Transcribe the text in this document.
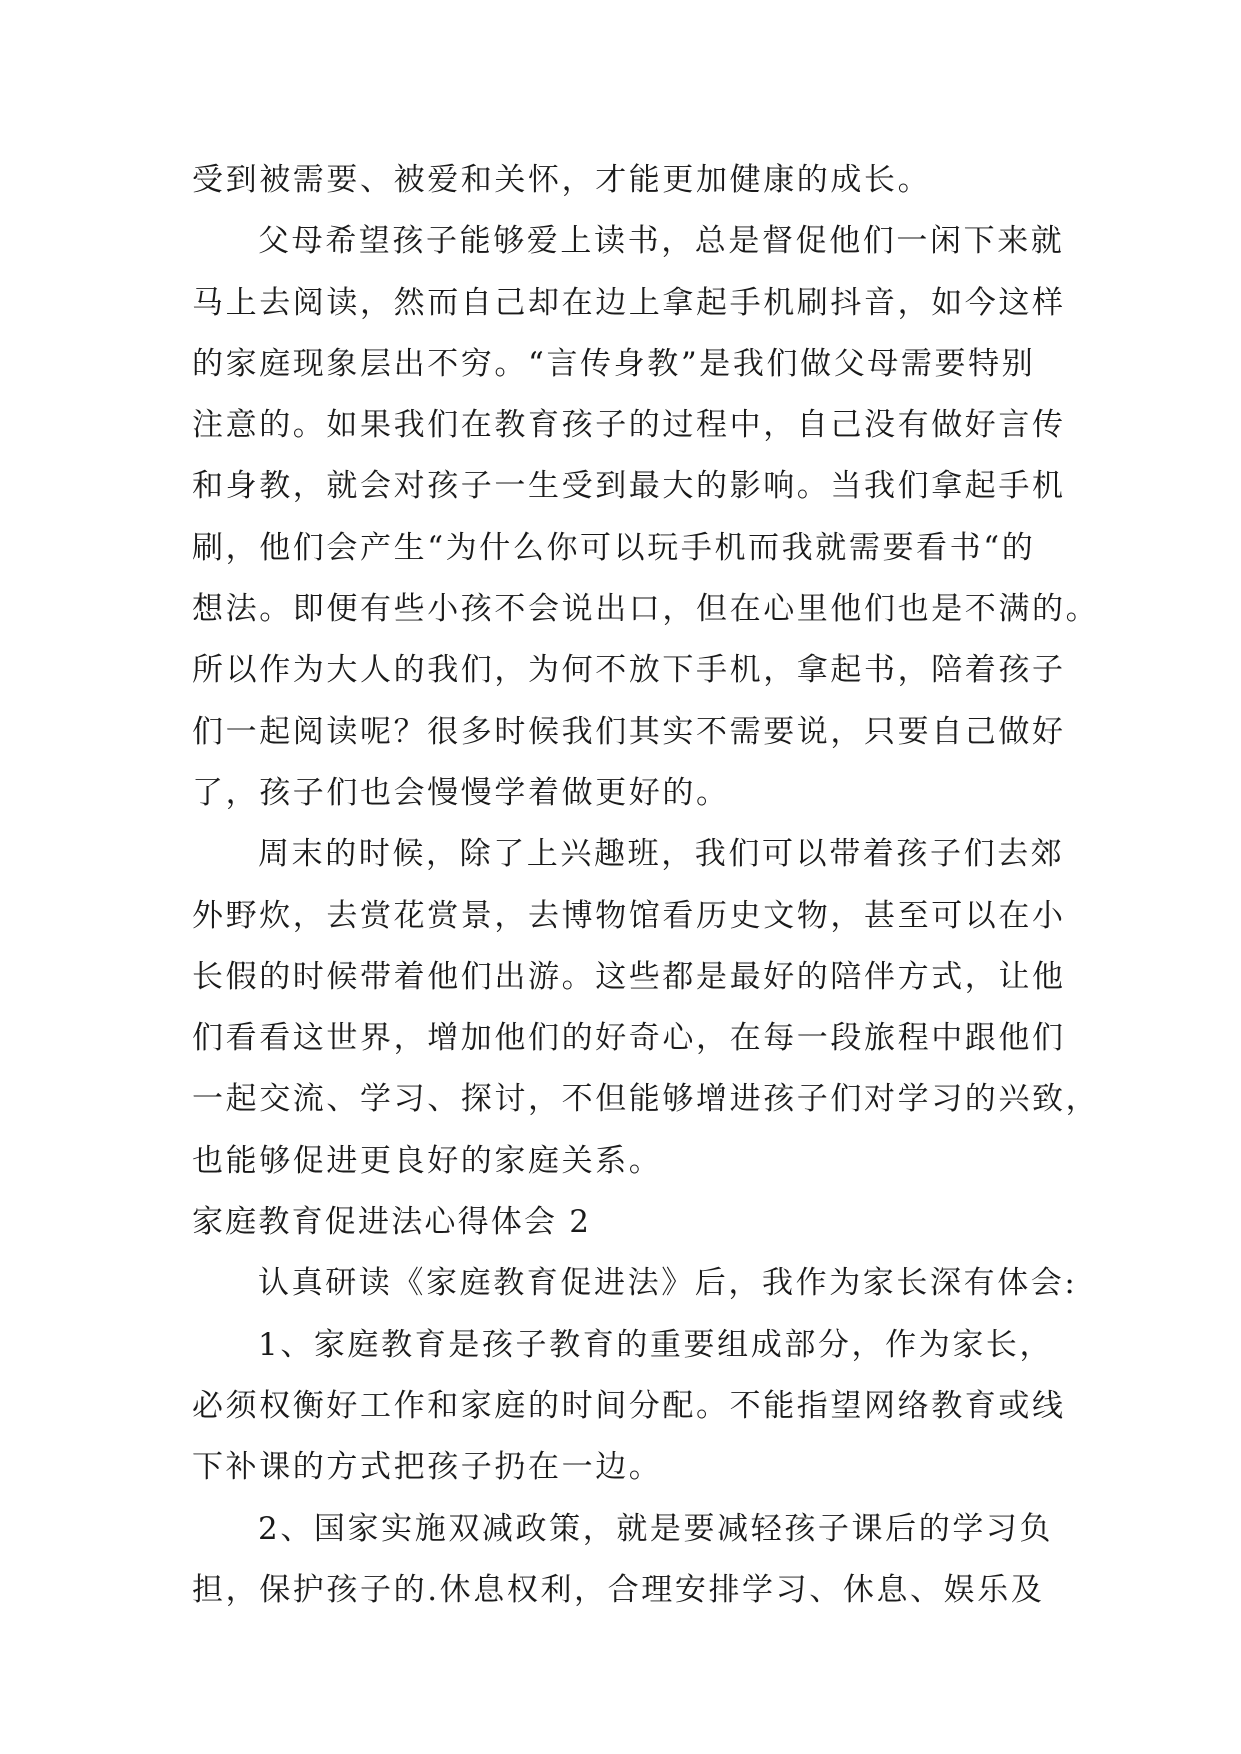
受到被需要、被爱和关怀，才能更加健康的成长。
父母希望孩子能够爱上读书，总是督促他们一闲下来就
马上去阅读，然而自己却在边上拿起手机刷抖音，如今这样
的家庭现象层出不穷。“言传身教”是我们做父母需要特别
注意的。如果我们在教育孩子的过程中，自己没有做好言传
和身教，就会对孩子一生受到最大的影响。当我们拿起手机
刷，他们会产生“为什么你可以玩手机而我就需要看书“的
想法。即便有些小孩不会说出口，但在心里他们也是不满的。
所以作为大人的我们，为何不放下手机，拿起书，陪着孩子
们一起阅读呢？很多时候我们其实不需要说，只要自己做好
了，孩子们也会慢慢学着做更好的。
周末的时候，除了上兴趣班，我们可以带着孩子们去郊
外野炊，去赏花赏景，去博物馆看历史文物，甚至可以在小
长假的时候带着他们出游。这些都是最好的陪伴方式，让他
们看看这世界，增加他们的好奇心，在每一段旅程中跟他们
一起交流、学习、探讨，不但能够增进孩子们对学习的兴致，
也能够促进更良好的家庭关系。
家庭教育促进法心得体会 2
认真研读《家庭教育促进法》后，我作为家长深有体会:
1、家庭教育是孩子教育的重要组成部分，作为家长，
必须权衡好工作和家庭的时间分配。不能指望网络教育或线
下补课的方式把孩子扔在一边。
2、国家实施双减政策，就是要减轻孩子课后的学习负
担，保护孩子的.休息权利，合理安排学习、休息、娱乐及
